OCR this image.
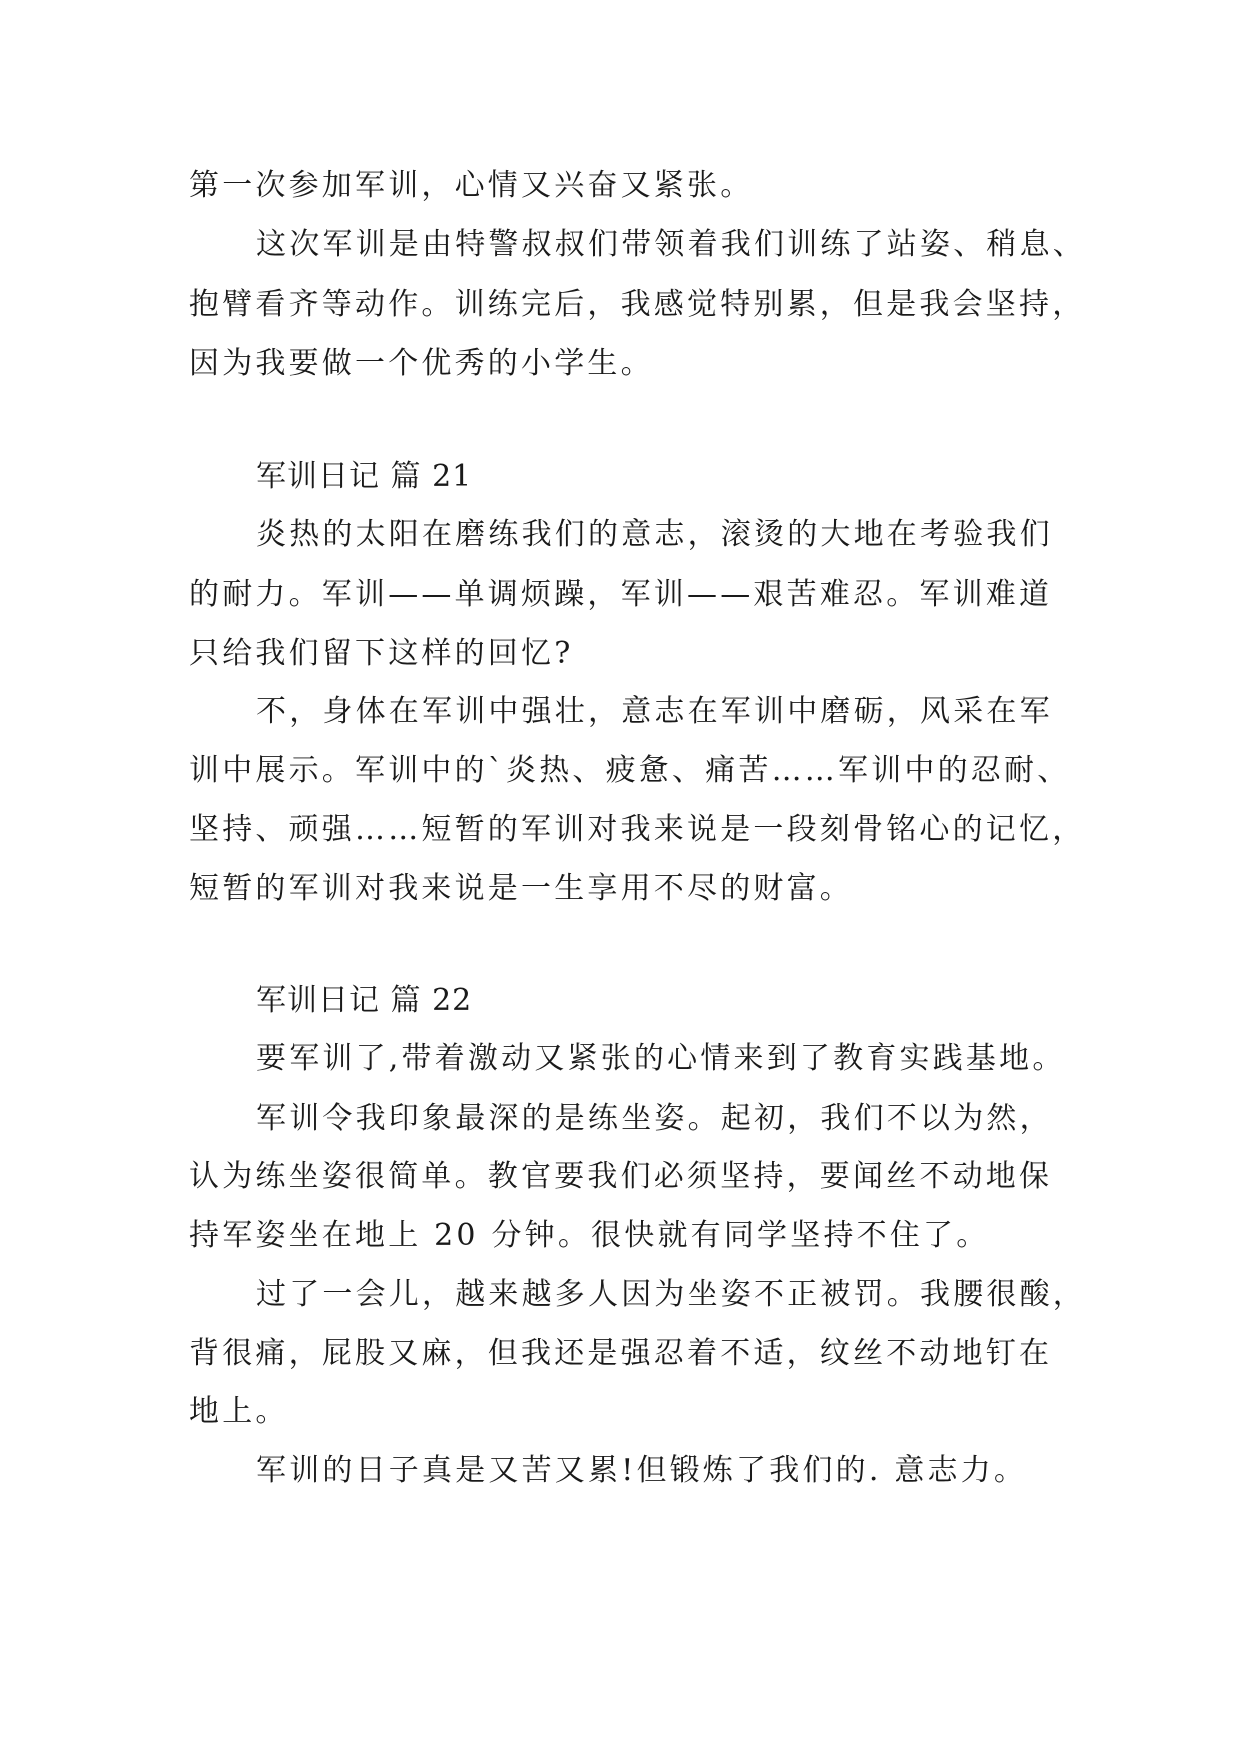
第一次参加军训，心情又兴奋又紧张。

这次军训是由特警叔叔们带领着我们训练了站姿、稍息、

抱臂看齐等动作。训练完后，我感觉特别累，但是我会坚持，

因为我要做一个优秀的小学生。

军训日记 篇 21

炎热的太阳在磨练我们的意志，滚烫的大地在考验我们

的耐力。军训——单调烦躁，军训——艰苦难忍。军训难道

只给我们留下这样的回忆?

不，身体在军训中强壮，意志在军训中磨砺，风采在军

训中展示。军训中的`炎热、疲惫、痛苦……军训中的忍耐、

坚持、顽强……短暂的军训对我来说是一段刻骨铭心的记忆，

短暂的军训对我来说是一生享用不尽的财富。

军训日记 篇 22

要军训了,带着激动又紧张的心情来到了教育实践基地。

军训令我印象最深的是练坐姿。起初，我们不以为然，

认为练坐姿很简单。教官要我们必须坚持，要闻丝不动地保

持军姿坐在地上 20 分钟。很快就有同学坚持不住了。

过了一会儿，越来越多人因为坐姿不正被罚。我腰很酸，

背很痛，屁股又麻，但我还是强忍着不适，纹丝不动地钉在

地上。

军训的日子真是又苦又累!但锻炼了我们的. 意志力。
